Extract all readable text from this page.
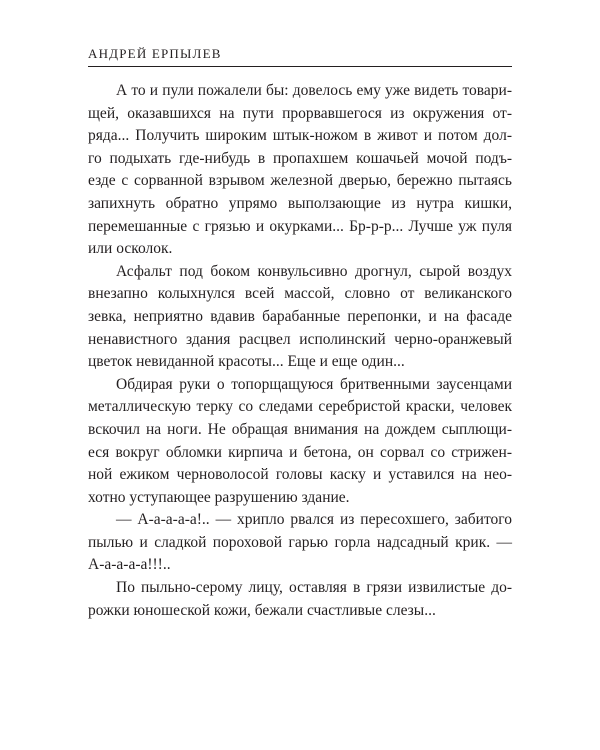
АНДРЕЙ ЕРПЫЛЕВ
А то и пули пожалели бы: довелось ему уже видеть товари-
щей, оказавшихся на пути прорвавшегося из окружения от-
ряда... Получить широким штык-ножом в живот и потом дол-
го подыхать где-нибудь в пропахшем кошачьей мочой подъ-
езде с сорванной взрывом железной дверью, бережно пытаясь
запихнуть обратно упрямо выползающие из нутра кишки,
перемешанные с грязью и окурками... Бр-р-р... Лучше уж пуля
или осколок.
Асфальт под боком конвульсивно дрогнул, сырой воздух
внезапно колыхнулся всей массой, словно от великанского
зевка, неприятно вдавив барабанные перепонки, и на фасаде
ненавистного здания расцвел исполинский черно-оранжевый
цветок невиданной красоты... Еще и еще один...
Обдирая руки о топорщащуюся бритвенными заусенцами
металлическую терку со следами серебристой краски, человек
вскочил на ноги. Не обращая внимания на дождем сыплющи-
еся вокруг обломки кирпича и бетона, он сорвал со стрижен-
ной ежиком черноволосой головы каску и уставился на нео-
хотно уступающее разрушению здание.
— А-а-а-а-а!.. — хрипло рвался из пересохшего, забитого
пылью и сладкой пороховой гарью горла надсадный крик. —
А-а-а-а-а!!!..
По пыльно-серому лицу, оставляя в грязи извилистые до-
рожки юношеской кожи, бежали счастливые слезы...
